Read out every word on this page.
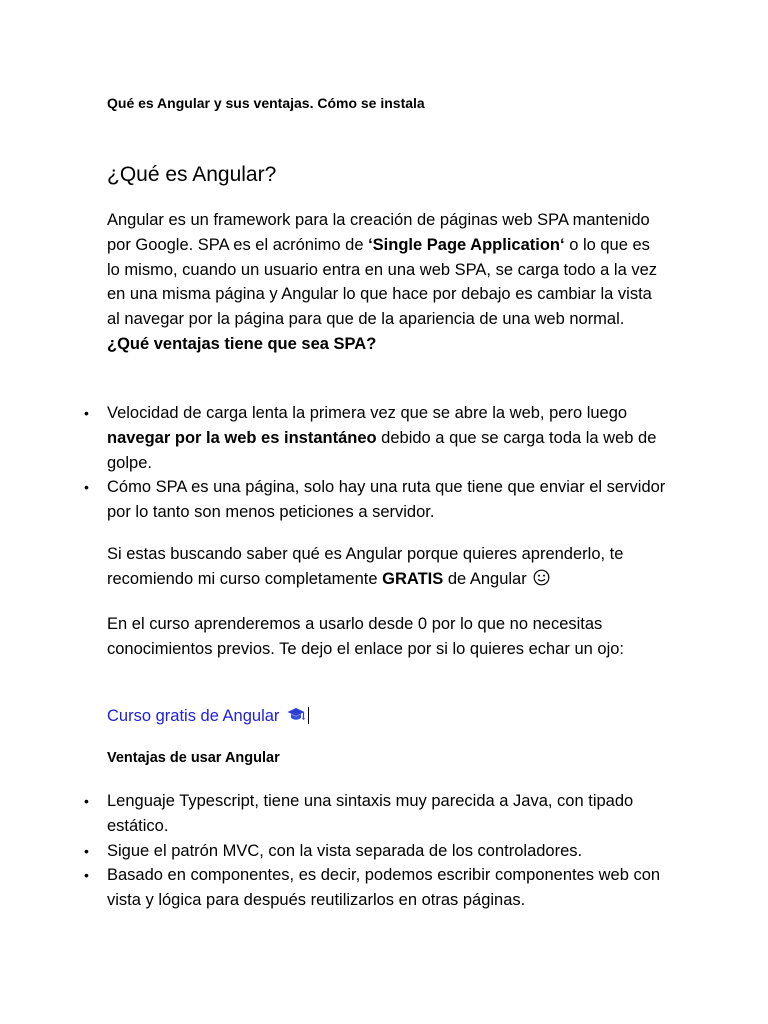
Qué es Angular y sus ventajas. Cómo se instala
¿Qué es Angular?
Angular es un framework para la creación de páginas web SPA mantenido por Google. SPA es el acrónimo de ‘Single Page Application‘ o lo que es lo mismo, cuando un usuario entra en una web SPA, se carga todo a la vez en una misma página y Angular lo que hace por debajo es cambiar la vista al navegar por la página para que de la apariencia de una web normal. ¿Qué ventajas tiene que sea SPA?
• Velocidad de carga lenta la primera vez que se abre la web, pero luego navegar por la web es instantáneo debido a que se carga toda la web de golpe.
• Cómo SPA es una página, solo hay una ruta que tiene que enviar el servidor por lo tanto son menos peticiones a servidor.
Si estas buscando saber qué es Angular porque quieres aprenderlo, te recomiendo mi curso completamente GRATIS de Angular
En el curso aprenderemos a usarlo desde 0 por lo que no necesitas conocimientos previos. Te dejo el enlace por si lo quieres echar un ojo:
Curso gratis de Angular
Ventajas de usar Angular
• Lenguaje Typescript, tiene una sintaxis muy parecida a Java, con tipado estático.
• Sigue el patrón MVC, con la vista separada de los controladores.
• Basado en componentes, es decir, podemos escribir componentes web con vista y lógica para después reutilizarlos en otras páginas.
